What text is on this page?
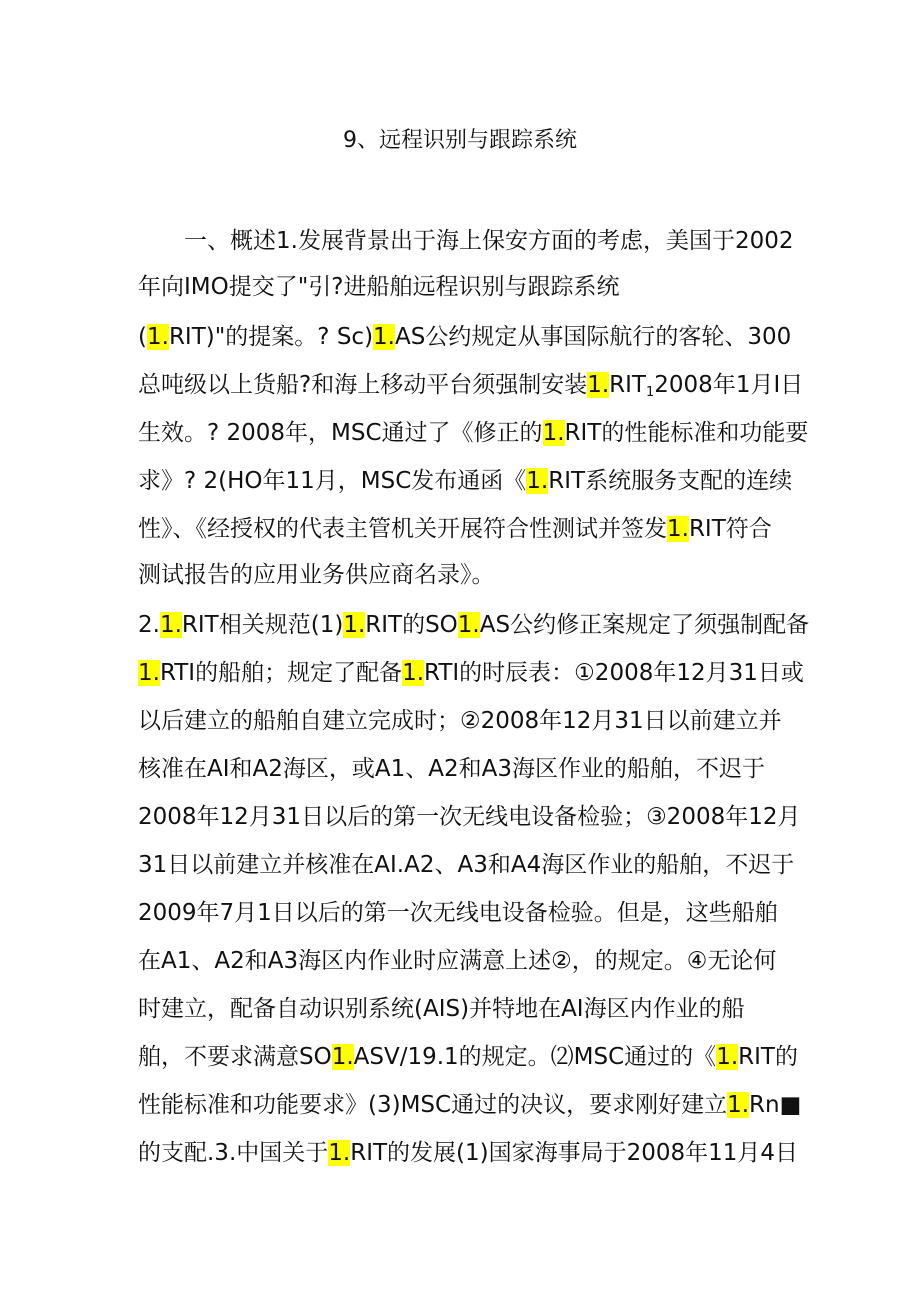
9、远程识别与跟踪系统
　　一、概述1.发展背景出于海上保安方面的考虑，美国于2002
年向IMO提交了"引?进船舶远程识别与跟踪系统
(1.RIT)"的提案。? Sc)1.AS公约规定从事国际航行的客轮、300
总吨级以上货船?和海上移动平台须强制安装$1.RIT_12008$年1月I日
生效。? 2008年，MSC通过了《修正的1.RIT的性能标准和功能要
求》? 2(HO年11月，MSC发布通函《1.RIT系统服务支配的连续
性》、《经授权的代表主管机关开展符合性测试并签发1.RIT符合
测试报告的应用业务供应商名录》。
2.1.RIT相关规范(1)1.RIT的SO1.AS公约修正案规定了须强制配备
1.RTI的船舶；规定了配备1.RTI的时辰表：①2008年12月31日或
以后建立的船舶自建立完成时；②2008年12月31日以前建立并
核准在AI和A2海区，或A1、A2和A3海区作业的船舶，不迟于
2008年12月31日以后的第一次无线电设备检验；③2008年12月
31日以前建立并核准在AI.A2、A3和A4海区作业的船舶，不迟于
2009年7月1日以后的第一次无线电设备检验。但是，这些船舶
在A1、A2和A3海区内作业时应满意上述②，的规定。④无论何
时建立，配备自动识别系统(AIS)并特地在AI海区内作业的船
舶，不要求满意SO1.ASV/19.1的规定。⑵MSC通过的《1.RIT的
性能标准和功能要求》(3)MSC通过的决议，要求刚好建立1.Rn■
的支配.3.中国关于1.RIT的发展(1)国家海事局于2008年11月4日
